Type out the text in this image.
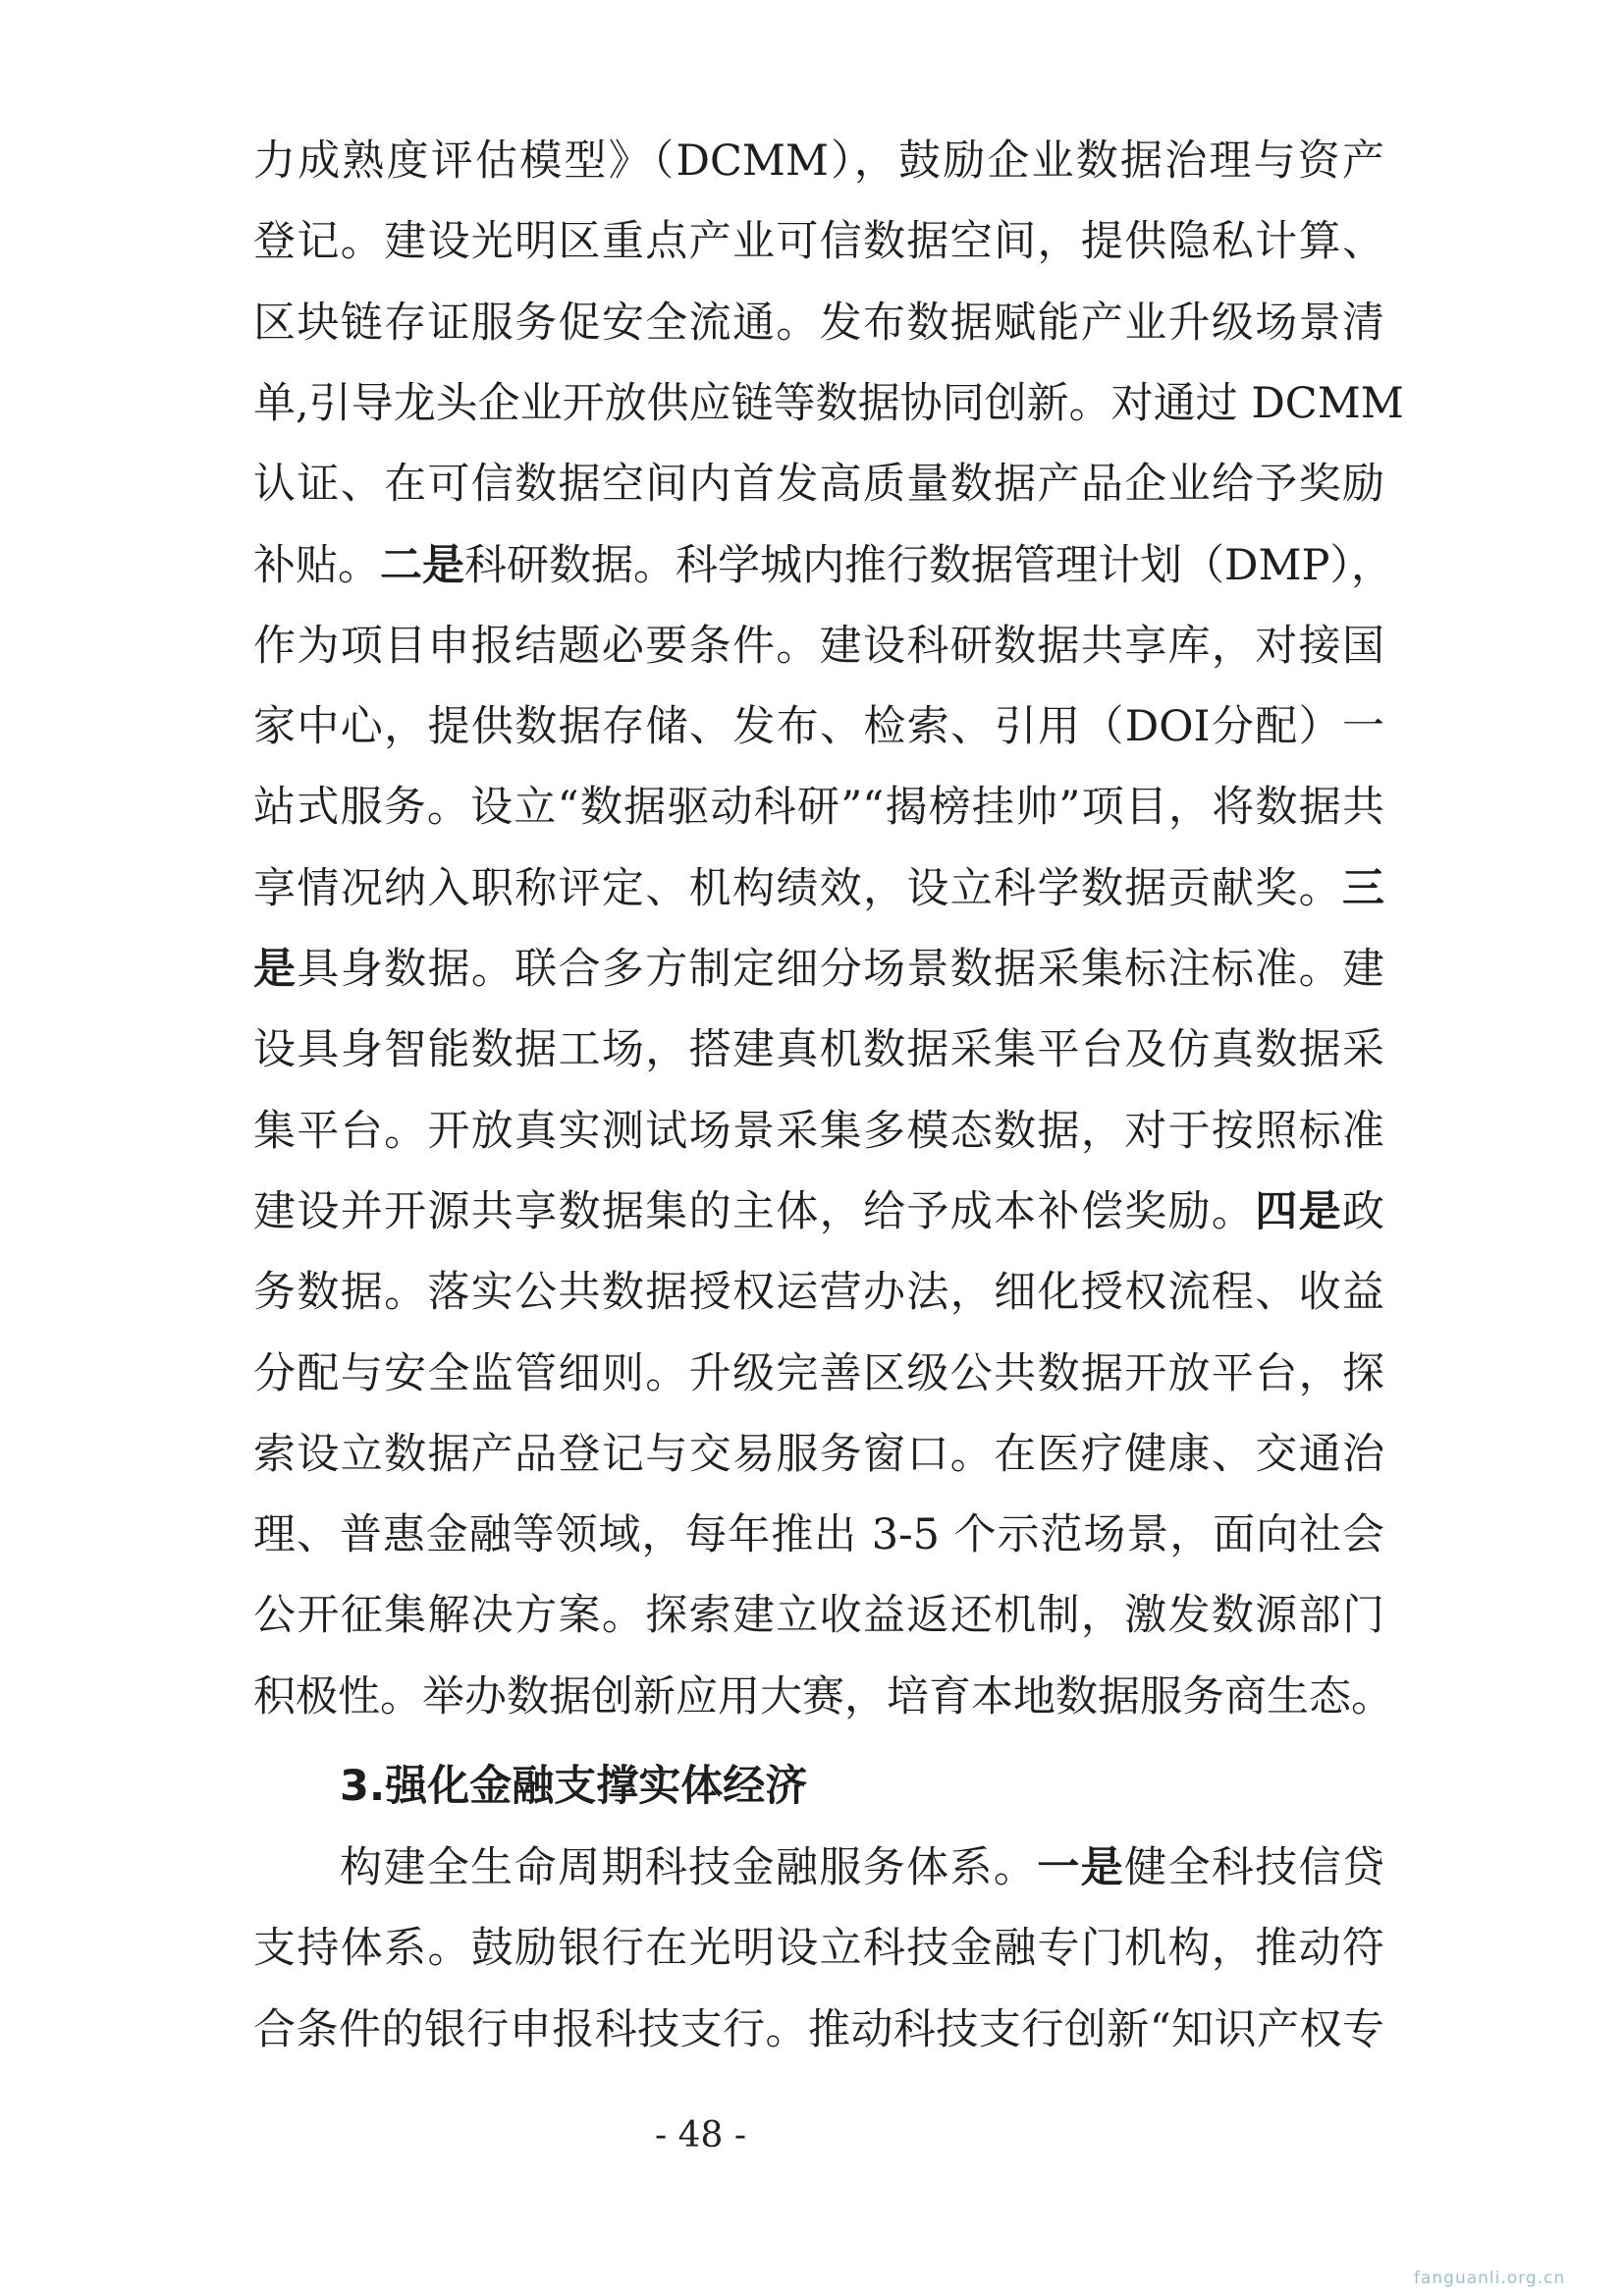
力成熟度评估模型》（DCMM），鼓励企业数据治理与资产
登记。建设光明区重点产业可信数据空间，提供隐私计算、
区块链存证服务促安全流通。发布数据赋能产业升级场景清
单,引导龙头企业开放供应链等数据协同创新。对通过 DCMM
认证、在可信数据空间内首发高质量数据产品企业给予奖励
补贴。二是科研数据。科学城内推行数据管理计划（DMP），
作为项目申报结题必要条件。建设科研数据共享库，对接国
家中心，提供数据存储、发布、检索、引用（DOI分配）一
站式服务。设立“数据驱动科研”“揭榜挂帅”项目，将数据共
享情况纳入职称评定、机构绩效，设立科学数据贡献奖。三
是具身数据。联合多方制定细分场景数据采集标注标准。建
设具身智能数据工场，搭建真机数据采集平台及仿真数据采
集平台。开放真实测试场景采集多模态数据，对于按照标准
建设并开源共享数据集的主体，给予成本补偿奖励。四是政
务数据。落实公共数据授权运营办法，细化授权流程、收益
分配与安全监管细则。升级完善区级公共数据开放平台，探
索设立数据产品登记与交易服务窗口。在医疗健康、交通治
理、普惠金融等领域，每年推出 3-5 个示范场景，面向社会
公开征集解决方案。探索建立收益返还机制，激发数源部门
积极性。举办数据创新应用大赛，培育本地数据服务商生态。
3.强化金融支撑实体经济
构建全生命周期科技金融服务体系。一是健全科技信贷
支持体系。鼓励银行在光明设立科技金融专门机构，推动符
合条件的银行申报科技支行。推动科技支行创新“知识产权专
- 48 -
fanguanli.org.cn
